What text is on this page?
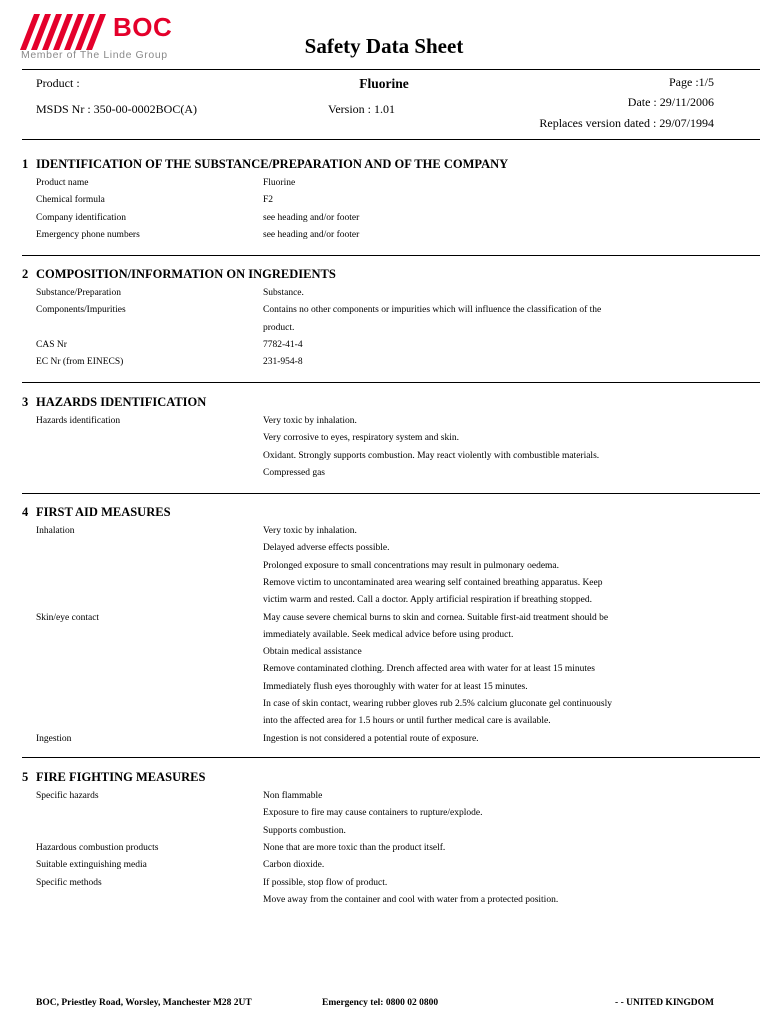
BOC
Member of The Linde Group	Safety Data Sheet
Product :	Fluorine	Page :1/5
MSDS Nr : 350-00-0002BOC(A)	Version : 1.01	Date : 29/11/2006
Replaces version dated : 29/07/1994
1 IDENTIFICATION OF THE SUBSTANCE/PREPARATION AND OF THE COMPANY
Product name	Fluorine
Chemical formula	F2
Company identification	see heading and/or footer
Emergency phone numbers	see heading and/or footer
2 COMPOSITION/INFORMATION ON INGREDIENTS
Substance/Preparation	Substance.
Components/Impurities	Contains no other components or impurities which will influence the classification of the
product.
CAS Nr	7782-41-4
EC Nr (from EINECS)	231-954-8
3 HAZARDS IDENTIFICATION
Hazards identification	Very toxic by inhalation.
Very corrosive to eyes, respiratory system and skin.
Oxidant. Strongly supports combustion. May react violently with combustible materials.
Compressed gas
4 FIRST AID MEASURES
Inhalation	Very toxic by inhalation.
Delayed adverse effects possible.
Prolonged exposure to small concentrations may result in pulmonary oedema.
Remove victim to uncontaminated area wearing self contained breathing apparatus. Keep
victim warm and rested. Call a doctor. Apply artificial respiration if breathing stopped.
Skin/eye contact	May cause severe chemical burns to skin and cornea. Suitable first-aid treatment should be
immediately available. Seek medical advice before using product.
Obtain medical assistance
Remove contaminated clothing. Drench affected area with water for at least 15 minutes
Immediately flush eyes thoroughly with water for at least 15 minutes.
In case of skin contact, wearing rubber gloves rub 2.5% calcium gluconate gel continuously
into the affected area for 1.5 hours or until further medical care is available.
Ingestion	Ingestion is not considered a potential route of exposure.
5 FIRE FIGHTING MEASURES
Specific hazards	Non flammable
Exposure to fire may cause containers to rupture/explode.
Supports combustion.
Hazardous combustion products	None that are more toxic than the product itself.
Suitable extinguishing media	Carbon dioxide.
Specific methods	If possible, stop flow of product.
Move away from the container and cool with water from a protected position.
BOC, Priestley Road, Worsley, Manchester M28 2UT	Emergency tel: 0800 02 0800	- - UNITED KINGDOM
